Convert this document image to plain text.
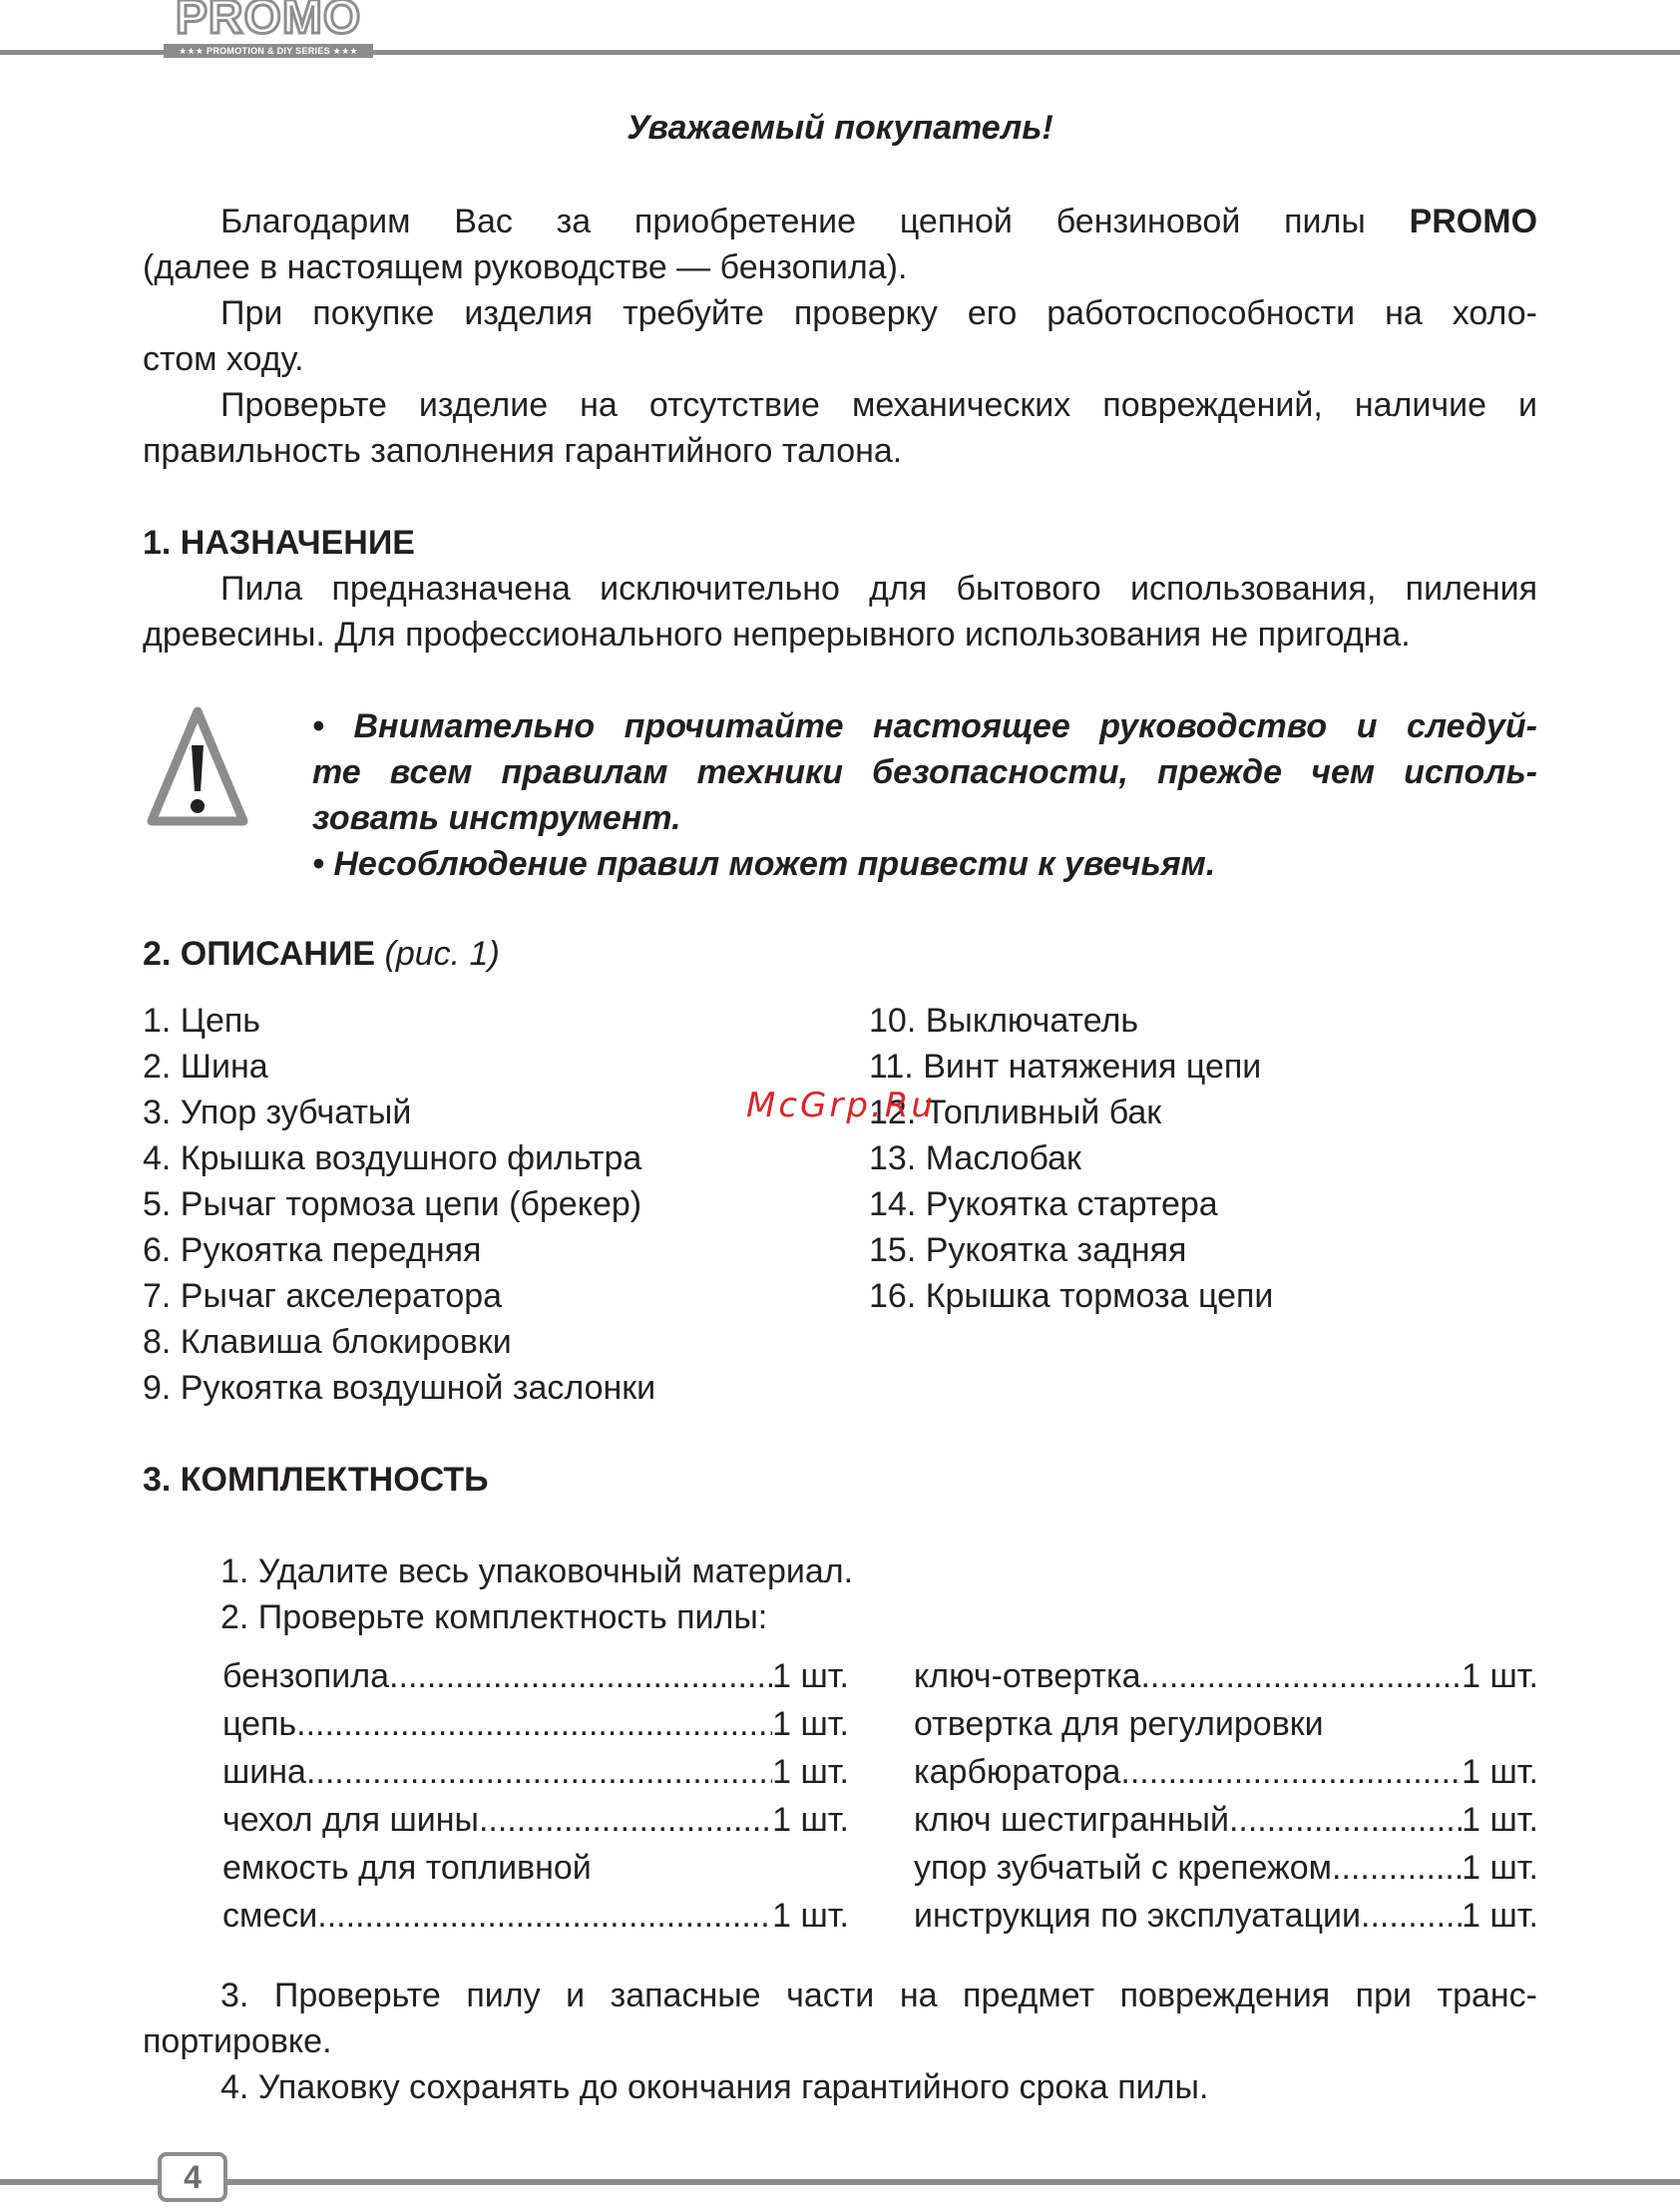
PROMO
★★★ PROMOTION & DIY SERIES ★★★
Уважаемый покупатель!
Благодарим Вас за приобретение цепной бензиновой пилы PROMO
(далее в настоящем руководстве — бензопила).
При покупке изделия требуйте проверку его работоспособности на холо-
стом ходу.
Проверьте изделие на отсутствие механических повреждений, наличие и
правильность заполнения гарантийного талона.
1. НАЗНАЧЕНИЕ
Пила предназначена исключительно для бытового использования, пиления
древесины. Для профессионального непрерывного использования не пригодна.
• Внимательно прочитайте настоящее руководство и следуй-
те всем правилам техники безопасности, прежде чем исполь-
зовать инструмент.
• Несоблюдение правил может привести к увечьям.
2. ОПИСАНИЕ (рис. 1)
1. Цепь
2. Шина
3. Упор зубчатый
4. Крышка воздушного фильтра
5. Рычаг тормоза цепи (брекер)
6. Рукоятка передняя
7. Рычаг акселератора
8. Клавиша блокировки
9. Рукоятка воздушной заслонки
10. Выключатель
11. Винт натяжения цепи
12. Топливный бак
13. Маслобак
14. Рукоятка стартера
15. Рукоятка задняя
16. Крышка тормоза цепи
McGrp.Ru
3. КОМПЛЕКТНОСТЬ
1. Удалите весь упаковочный материал.
2. Проверьте комплектность пилы:
бензопила .....	1 шт.
цепь .....	1 шт.
шина .....	1 шт.
чехол для шины .....	1 шт.
емкость для топливной
смеси .....	1 шт.
ключ-отвертка .....	1 шт.
отвертка для регулировки
карбюратора .....	1 шт.
ключ шестигранный .....	1 шт.
упор зубчатый с крепежом .....	1 шт.
инструкция по эксплуатации .....	1 шт.
3. Проверьте пилу и запасные части на предмет повреждения при транс-
портировке.
4. Упаковку сохранять до окончания гарантийного срока пилы.
4
